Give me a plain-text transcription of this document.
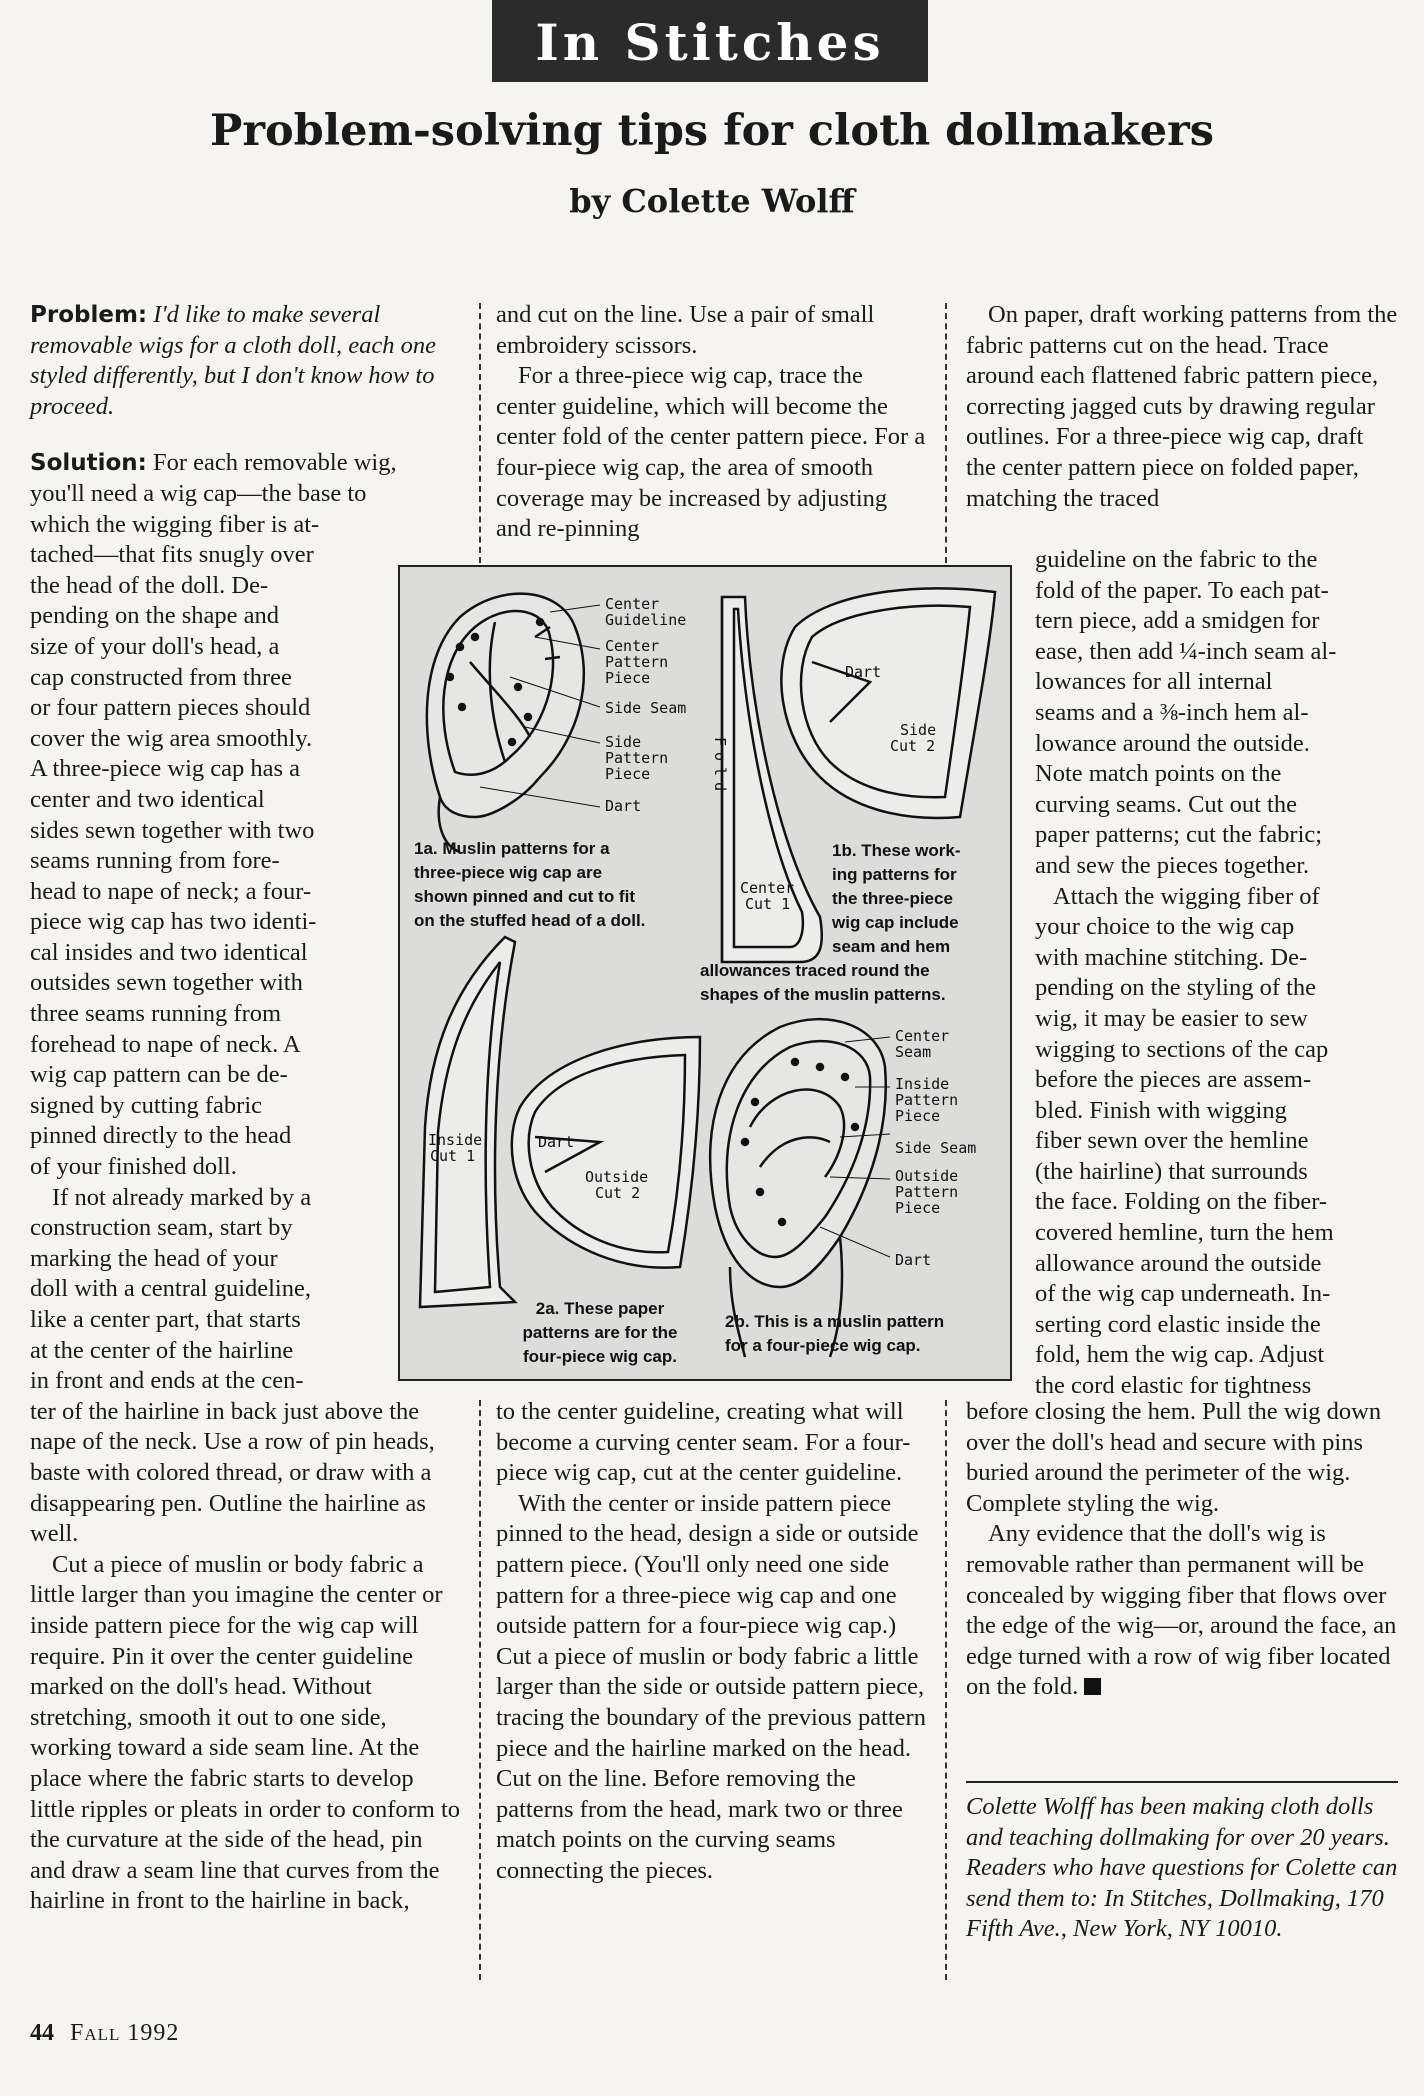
In Stitches
Problem-solving tips for cloth dollmakers
by Colette Wolff

Problem: I'd like to make several removable wigs for a cloth doll, each one styled differently, but I don't know how to proceed.

Solution: For each removable wig,

you'll need a wig cap—the base to
which the wigging fiber is at-
tached—that fits snugly over
the head of the doll. De-
pending on the shape and
size of your doll's head, a
cap constructed from three
or four pattern pieces should
cover the wig area smoothly.
A three-piece wig cap has a
center and two identical
sides sewn together with two
seams running from fore-
head to nape of neck; a four-
piece wig cap has two identi-
cal insides and two identical
outsides sewn together with
three seams running from
forehead to nape of neck. A
wig cap pattern can be de-
signed by cutting fabric
pinned directly to the head
of your finished doll.
If not already marked by a
construction seam, start by
marking the head of your
doll with a central guideline,
like a center part, that starts
at the center of the hairline
in front and ends at the cen-

ter of the hairline in back just above the nape of the neck. Use a row of pin heads, baste with colored thread, or draw with a disappearing pen. Outline the hairline as well.

Cut a piece of muslin or body fabric a little larger than you imagine the center or inside pattern piece for the wig cap will require. Pin it over the center guideline marked on the doll's head. Without stretching, smooth it out to one side, working toward a side seam line. At the place where the fabric starts to develop little ripples or pleats in order to conform to the curvature at the side of the head, pin and draw a seam line that curves from the hairline in front to the hairline in back,

and cut on the line. Use a pair of small embroidery scissors.

For a three-piece wig cap, trace the center guideline, which will become the center fold of the center pattern piece. For a four-piece wig cap, the area of smooth coverage may be increased by adjusting and re-pinning

to the center guideline, creating what will become a curving center seam. For a four-piece wig cap, cut at the center guideline.

With the center or inside pattern piece pinned to the head, design a side or outside pattern piece. (You'll only need one side pattern for a three-piece wig cap and one outside pattern for a four-piece wig cap.) Cut a piece of muslin or body fabric a little larger than the side or outside pattern piece, tracing the boundary of the previous pattern piece and the hairline marked on the head. Cut on the line. Before removing the patterns from the head, mark two or three match points on the curving seams connecting the pieces.

On paper, draft working patterns from the fabric patterns cut on the head. Trace around each flattened fabric pattern piece, correcting jagged cuts by drawing regular outlines. For a three-piece wig cap, draft the center pattern piece on folded paper, matching the traced

guideline on the fabric to the
fold of the paper. To each pat-
tern piece, add a smidgen for
ease, then add ¼-inch seam al-
lowances for all internal
seams and a ⅜-inch hem al-
lowance around the outside.
Note match points on the
curving seams. Cut out the
paper patterns; cut the fabric;
and sew the pieces together.
Attach the wigging fiber of
your choice to the wig cap
with machine stitching. De-
pending on the styling of the
wig, it may be easier to sew
wigging to sections of the cap
before the pieces are assem-
bled. Finish with wigging
fiber sewn over the hemline
(the hairline) that surrounds
the face. Folding on the fiber-
covered hemline, turn the hem
allowance around the outside
of the wig cap underneath. In-
serting cord elastic inside the
fold, hem the wig cap. Adjust
the cord elastic for tightness

before closing the hem. Pull the wig down over the doll's head and secure with pins buried around the perimeter of the wig. Complete styling the wig.

Any evidence that the doll's wig is removable rather than permanent will be concealed by wigging fiber that flows over the edge of the wig—or, around the face, an edge turned with a row of wig fiber located on the fold.

Colette Wolff has been making cloth dolls and teaching dollmaking for over 20 years. Readers who have questions for Colette can send them to: In Stitches, Dollmaking, 170 Fifth Ave., New York, NY 10010.

Center
Guideline
Center
Pattern
Piece
Side Seam
Side
Pattern
Piece
Dart
Fold
Center
Cut 1
Dart
Side
Cut 2
Inside
Cut 1
Dart
Outside
Cut 2
Center
Seam
Inside
Pattern
Piece
Side Seam
Outside
Pattern
Piece
Dart
1a. Muslin patterns for a
three-piece wig cap are
shown pinned and cut to fit
on the stuffed head of a doll.
1b. These work-
ing patterns for
the three-piece
wig cap include
seam and hem
allowances traced round the
shapes of the muslin patterns.
2a. These paper
patterns are for the
four-piece wig cap.
2b. This is a muslin pattern
for a four-piece wig cap.
44 Fall 1992
